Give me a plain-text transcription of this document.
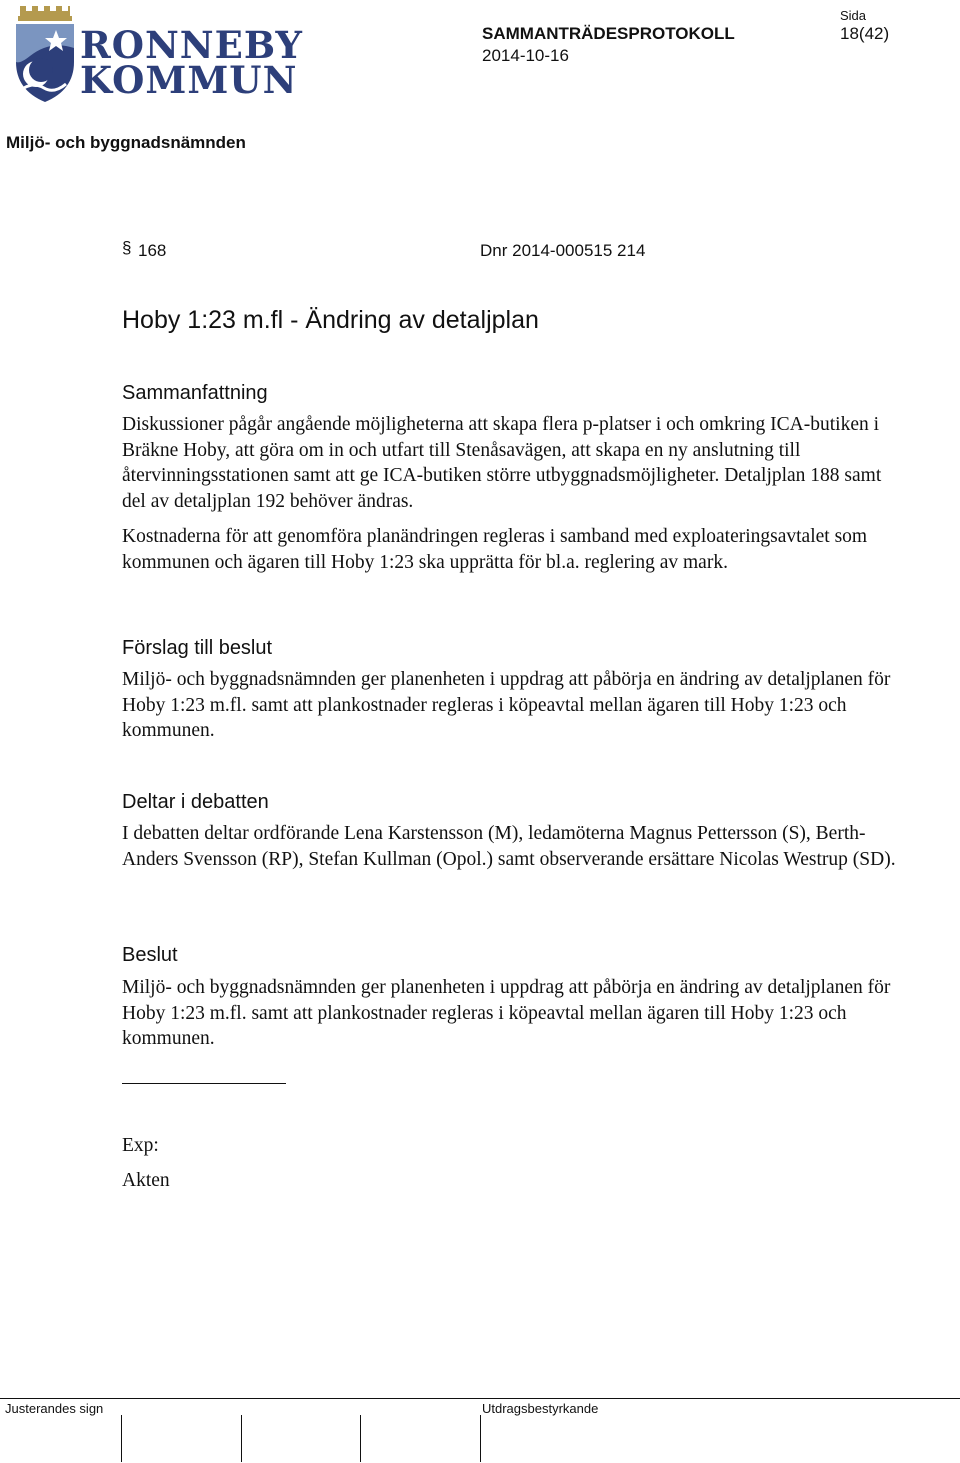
RONNEBY
KOMMUN
SAMMANTRÄDESPROTOKOLL
2014-10-16
Sida
18(42)
Miljö- och byggnadsnämnden
§ 168	Dnr 2014-000515 214
Hoby 1:23 m.fl - Ändring av detaljplan
Sammanfattning
Diskussioner pågår angående möjligheterna att skapa flera p-platser i och omkring ICA-butiken i Bräkne Hoby, att göra om in och utfart till Stenåsavägen, att skapa en ny anslutning till återvinningsstationen samt att ge ICA-butiken större utbyggnadsmöjligheter. Detaljplan 188 samt del av detaljplan 192 behöver ändras.
Kostnaderna för att genomföra planändringen regleras i samband med exploateringsavtalet som kommunen och ägaren till Hoby 1:23 ska upprätta för bl.a. reglering av mark.
Förslag till beslut
Miljö- och byggnadsnämnden ger planenheten i uppdrag att påbörja en ändring av detaljplanen för Hoby 1:23 m.fl. samt att plankostnader regleras i köpeavtal mellan ägaren till Hoby 1:23 och kommunen.
Deltar i debatten
I debatten deltar ordförande Lena Karstensson (M), ledamöterna Magnus Pettersson (S), Berth-Anders Svensson (RP), Stefan Kullman (Opol.) samt observerande ersättare Nicolas Westrup (SD).
Beslut
Miljö- och byggnadsnämnden ger planenheten i uppdrag att påbörja en ändring av detaljplanen för Hoby 1:23 m.fl. samt att plankostnader regleras i köpeavtal mellan ägaren till Hoby 1:23 och kommunen.
Exp:
Akten
Justerandes sign	Utdragsbestyrkande
